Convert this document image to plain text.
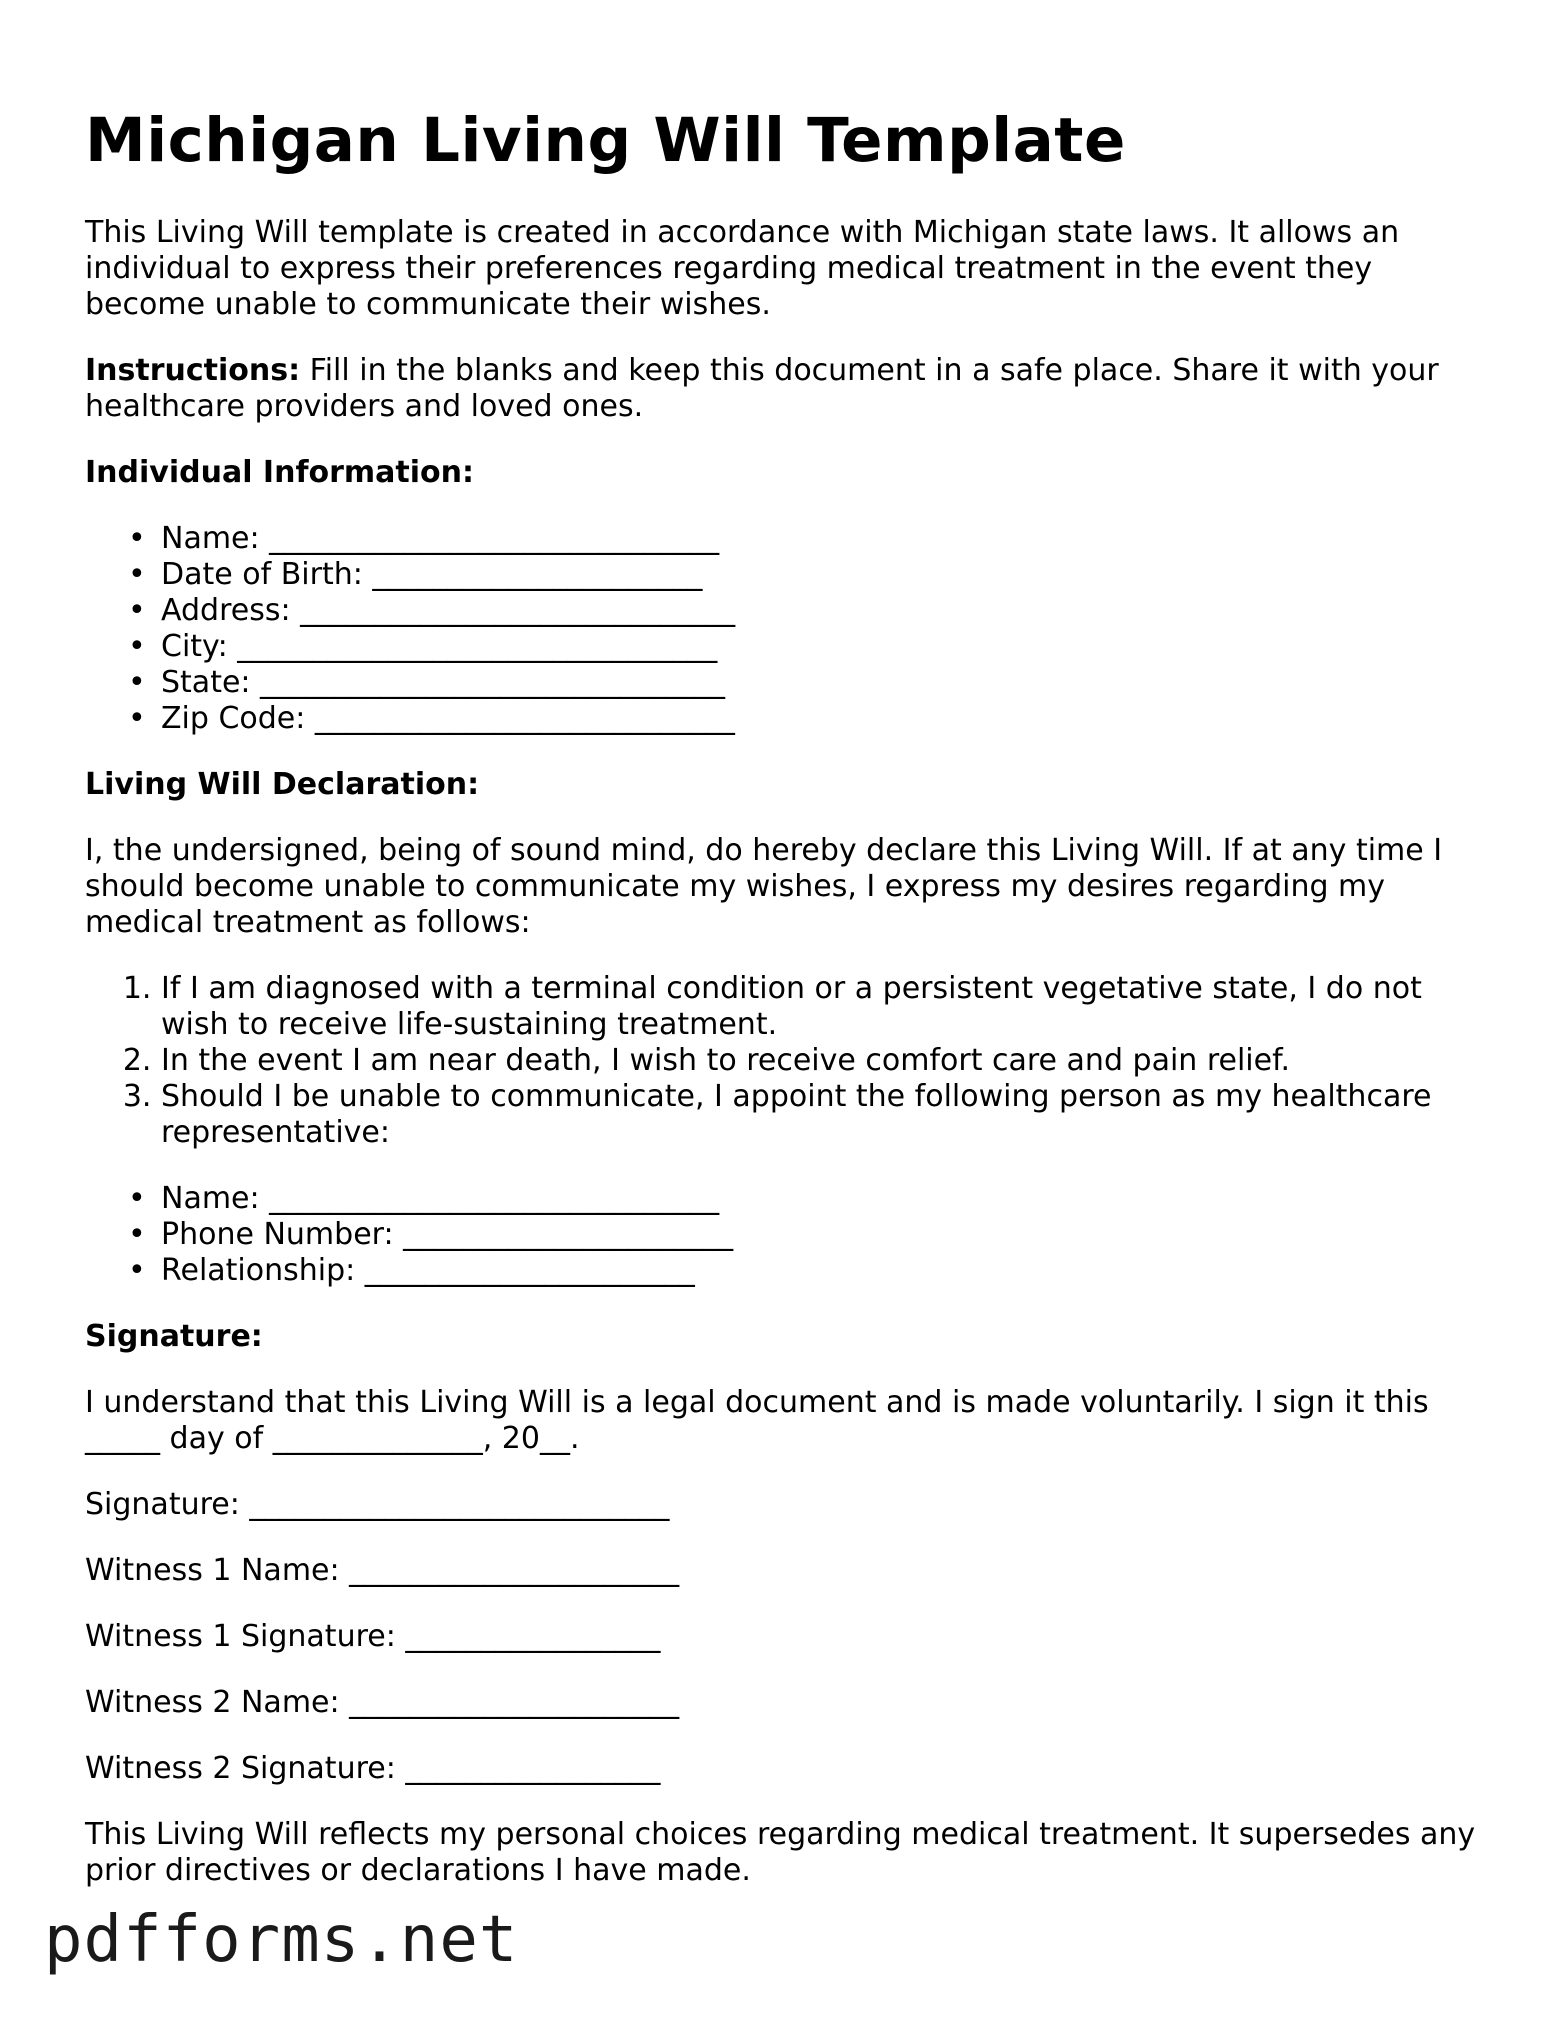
Michigan Living Will Template

This Living Will template is created in accordance with Michigan state laws. It allows an individual to express their preferences regarding medical treatment in the event they become unable to communicate their wishes.

Instructions: Fill in the blanks and keep this document in a safe place. Share it with your healthcare providers and loved ones.

Individual Information:
• Name: ______________________________
• Date of Birth: ______________________
• Address: _____________________________
• City: ________________________________
• State: _______________________________
• Zip Code: ____________________________
Living Will Declaration:

I, the undersigned, being of sound mind, do hereby declare this Living Will. If at any time I should become unable to communicate my wishes, I express my desires regarding my medical treatment as follows:

1. If I am diagnosed with a terminal condition or a persistent vegetative state, I do not wish to receive life-sustaining treatment.
2. In the event I am near death, I wish to receive comfort care and pain relief.
3. Should I be unable to communicate, I appoint the following person as my healthcare representative:
• Name: ______________________________
• Phone Number: ______________________
• Relationship: ______________________
Signature:

I understand that this Living Will is a legal document and is made voluntarily. I sign it this _____ day of ______________, 20__.

Signature: ____________________________
Witness 1 Name: ______________________
Witness 1 Signature: _________________
Witness 2 Name: ______________________
Witness 2 Signature: _________________

This Living Will reflects my personal choices regarding medical treatment. It supersedes any prior directives or declarations I have made.

pdfforms.net
